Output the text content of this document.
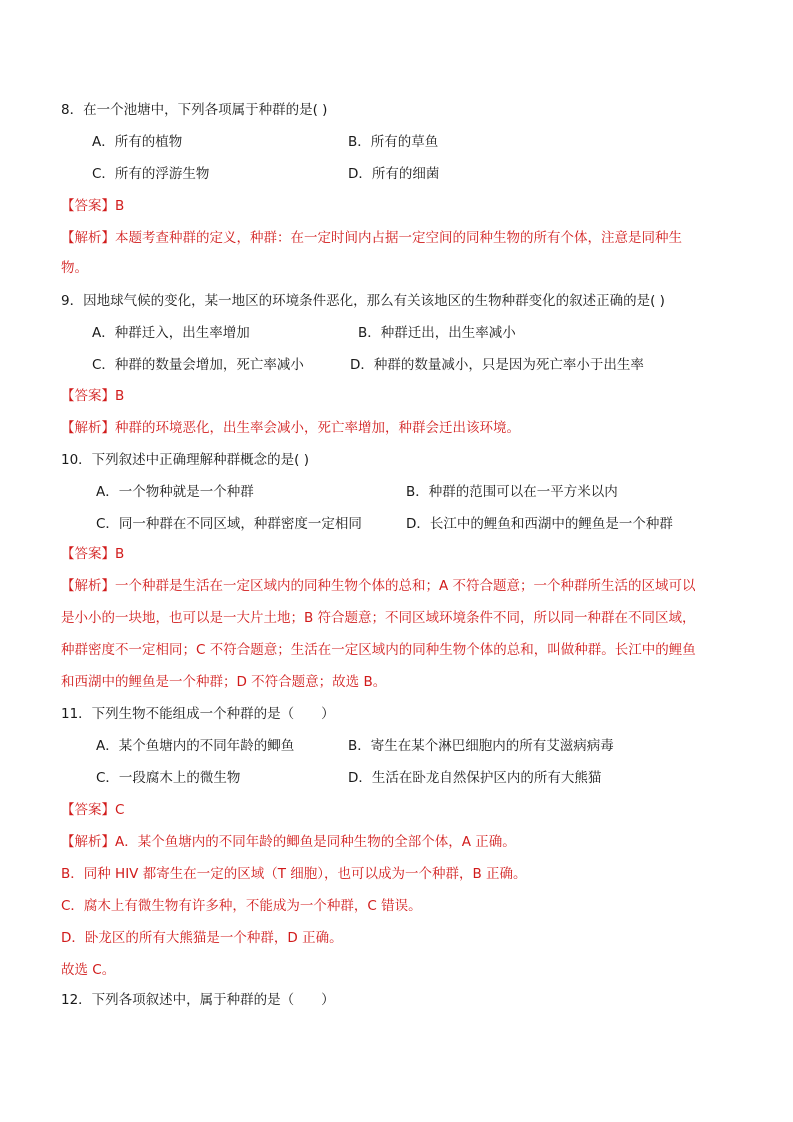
8．在一个池塘中，下列各项属于种群的是( )
A．所有的植物	B．所有的草鱼
C．所有的浮游生物	D．所有的细菌
【答案】B
【解析】本题考查种群的定义，种群：在一定时间内占据一定空间的同种生物的所有个体，注意是同种生
物。
9．因地球气候的变化，某一地区的环境条件恶化，那么有关该地区的生物种群变化的叙述正确的是( )
A．种群迁入，出生率增加	B．种群迁出，出生率减小
C．种群的数量会增加，死亡率减小	D．种群的数量减小，只是因为死亡率小于出生率
【答案】B
【解析】种群的环境恶化，出生率会减小，死亡率增加，种群会迁出该环境。
10．下列叙述中正确理解种群概念的是( )
A．一个物种就是一个种群	B．种群的范围可以在一平方米以内
C．同一种群在不同区域，种群密度一定相同	D．长江中的鲤鱼和西湖中的鲤鱼是一个种群
【答案】B
【解析】一个种群是生活在一定区域内的同种生物个体的总和；A 不符合题意；一个种群所生活的区域可以
是小小的一块地，也可以是一大片土地；B 符合题意；不同区域环境条件不同，所以同一种群在不同区域，
种群密度不一定相同；C 不符合题意；生活在一定区域内的同种生物个体的总和，叫做种群。长江中的鲤鱼
和西湖中的鲤鱼是一个种群；D 不符合题意；故选 B。
11．下列生物不能组成一个种群的是（　　）
A．某个鱼塘内的不同年龄的鲫鱼	B．寄生在某个淋巴细胞内的所有艾滋病病毒
C．一段腐木上的微生物	D．生活在卧龙自然保护区内的所有大熊猫
【答案】C
【解析】A．某个鱼塘内的不同年龄的鲫鱼是同种生物的全部个体，A 正确。
B．同种 HIV 都寄生在一定的区域（T 细胞），也可以成为一个种群，B 正确。
C．腐木上有微生物有许多种，不能成为一个种群，C 错误。
D．卧龙区的所有大熊猫是一个种群，D 正确。
故选 C。
12．下列各项叙述中，属于种群的是（　　）
